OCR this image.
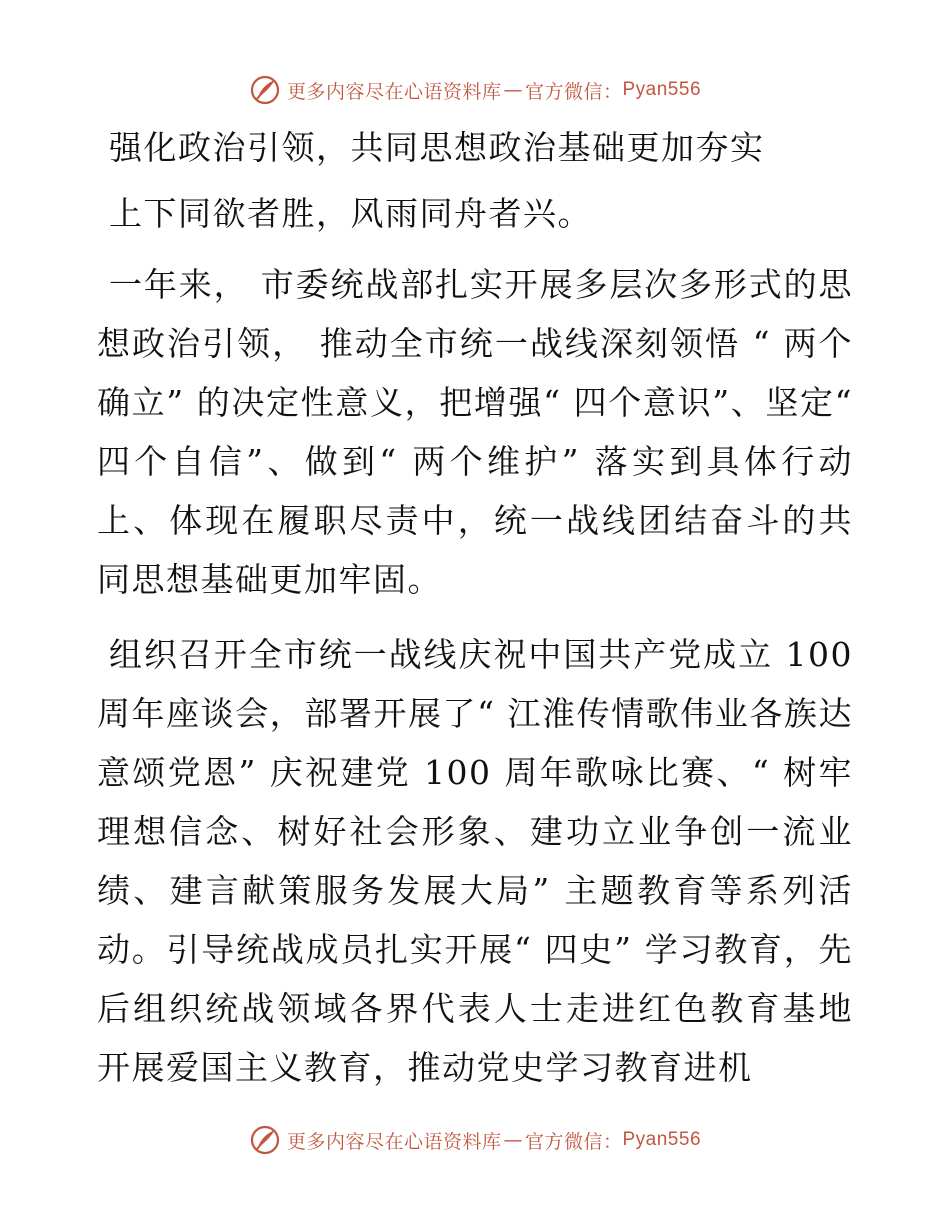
更多内容尽在心语资料库 — 官方微信： Pyan556
强化政治引领，共同思想政治基础更加夯实

上下同欲者胜，风雨同舟者兴。

一年来， 市委统战部扎实开展多层次多形式的思想政治引领， 推动全市统一战线深刻领悟 “ 两个确立” 的决定性意义，把增强“ 四个意识”、坚定“ 四个自信”、做到“ 两个维护” 落实到具体行动上、体现在履职尽责中，统一战线团结奋斗的共同思想基础更加牢固。

组织召开全市统一战线庆祝中国共产党成立 100 周年座谈会，部署开展了“ 江淮传情歌伟业各族达意颂党恩” 庆祝建党 100 周年歌咏比赛、“ 树牢理想信念、树好社会形象、建功立业争创一流业绩、建言献策服务发展大局” 主题教育等系列活动。引导统战成员扎实开展“ 四史” 学习教育，先后组织统战领域各界代表人士走进红色教育基地开展爱国主义教育，推动党史学习教育进机

更多内容尽在心语资料库 — 官方微信： Pyan556
